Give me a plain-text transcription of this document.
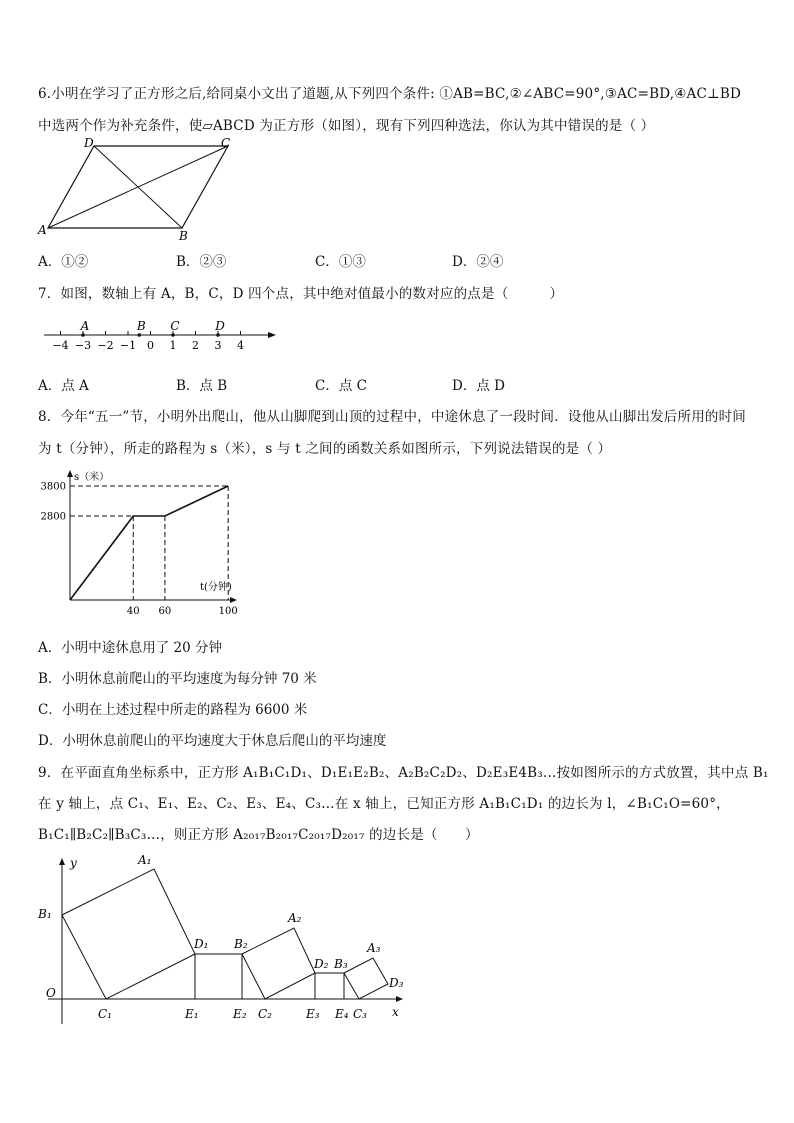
6.小明在学习了正方形之后,给同桌小文出了道题,从下列四个条件: ①AB=BC,②∠ABC=90°,③AC=BD,④AC⊥BD
中选两个作为补充条件，使▱ABCD 为正方形（如图），现有下列四种选法，你认为其中错误的是（ ）
A	B
C
D
A．①②	B．②③	C．①③	D．②④
7．如图，数轴上有 A，B，C，D 四个点，其中绝对值最小的数对应的点是（　　　）
−4 −3 −2 −1 0 1 2 3 4
A	B C	D
A．点 A	B．点 B	C．点 C	D．点 D
8．今年“五一”节，小明外出爬山，他从山脚爬到山顶的过程中，中途休息了一段时间．设他从山脚出发后所用的时间
为 t（分钟），所走的路程为 s（米），s 与 t 之间的函数关系如图所示，下列说法错误的是（ ）
s（米）
t(分钟)
40 60	100
2800
3800
A．小明中途休息用了 20 分钟
B．小明休息前爬山的平均速度为每分钟 70 米
C．小明在上述过程中所走的路程为 6600 米
D．小明休息前爬山的平均速度大于休息后爬山的平均速度
9．在平面直角坐标系中，正方形 A₁B₁C₁D₁、D₁E₁E₂B₂、A₂B₂C₂D₂、D₂E₃E4B₃…按如图所示的方式放置，其中点 B₁
在 y 轴上，点 C₁、E₁、E₂、C₂、E₃、E₄、C₃…在 x 轴上，已知正方形 A₁B₁C₁D₁ 的边长为 l，∠B₁C₁O=60°，
B₁C₁∥B₂C₂∥B₃C₃…，则正方形 A₂₀₁₇B₂₀₁₇C₂₀₁₇D₂₀₁₇ 的边长是（　　）
y
x
O
A₁
B₁
C₁
D₁
A₂
B₂
C₂
D₂
A₃
B₃
C₃
D₃
E₁	E₂	E₃ E₄
